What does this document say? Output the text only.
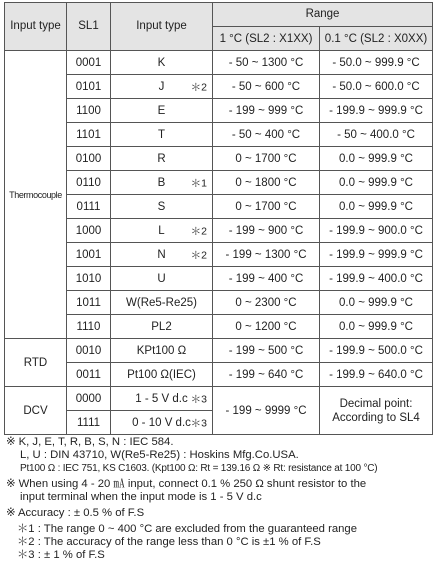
Input type	SL1	Input type	Range	
			1 °C (SL2 : X1XX)	0.1 °C (SL2 : X0XX)
Thermocouple	0001	K	- 50 ~ 1300 °C	- 50.0 ~ 999.9 °C
	0101	J ＊2	- 50 ~ 600 °C	- 50.0 ~ 600.0 °C
	1100	E	- 199 ~ 999 °C	- 199.9 ~ 999.9 °C
	1101	T	- 50 ~ 400 °C	- 50 ~ 400.0 °C
	0100	R	0 ~ 1700 °C	0.0 ~ 999.9 °C
	0110	B ＊1	0 ~ 1800 °C	0.0 ~ 999.9 °C
	0111	S	0 ~ 1700 °C	0.0 ~ 999.9 °C
	1000	L ＊2	- 199 ~ 900 °C	- 199.9 ~ 900.0 °C
	1001	N ＊2	- 199 ~ 1300 °C	- 199.9 ~ 999.9 °C
	1010	U	- 199 ~ 400 °C	- 199.9 ~ 400.0 °C
	1011	W(Re5-Re25)	0 ~ 2300 °C	0.0 ~ 999.9 °C
	1110	PL2	0 ~ 1200 °C	0.0 ~ 999.9 °C
RTD	0010	KPt100 Ω	- 199 ~ 500 °C	- 199.9 ~ 500.0 °C
	0011	Pt100 Ω(IEC)	- 199 ~ 640 °C	- 199.9 ~ 640.0 °C
DCV	0000	1 - 5 V d.c ＊3	- 199 ~ 9999 °C	Decimal point: According to SL4
	1111	0 - 10 V d.c ＊3		

※ K, J, E, T, R, B, S, N : IEC 584.

L, U : DIN 43710, W(Re5-Re25) : Hoskins Mfg.Co.USA.

Pt100 Ω : IEC 751, KS C1603. (Kpt100 Ω: Rt = 139.16 Ω ※ Rt: resistance at 100 °C)

※ When using 4 - 20 ㎃ input, connect 0.1 % 250 Ω shunt resistor to the

input terminal when the input mode is 1 - 5 V d.c

※ Accuracy : ± 0.5 % of F.S

＊1 : The range 0 ~ 400 °C are excluded from the guaranteed range

＊2 : The accuracy of the range less than 0 °C is ±1 % of F.S

＊3 : ± 1 % of F.S
